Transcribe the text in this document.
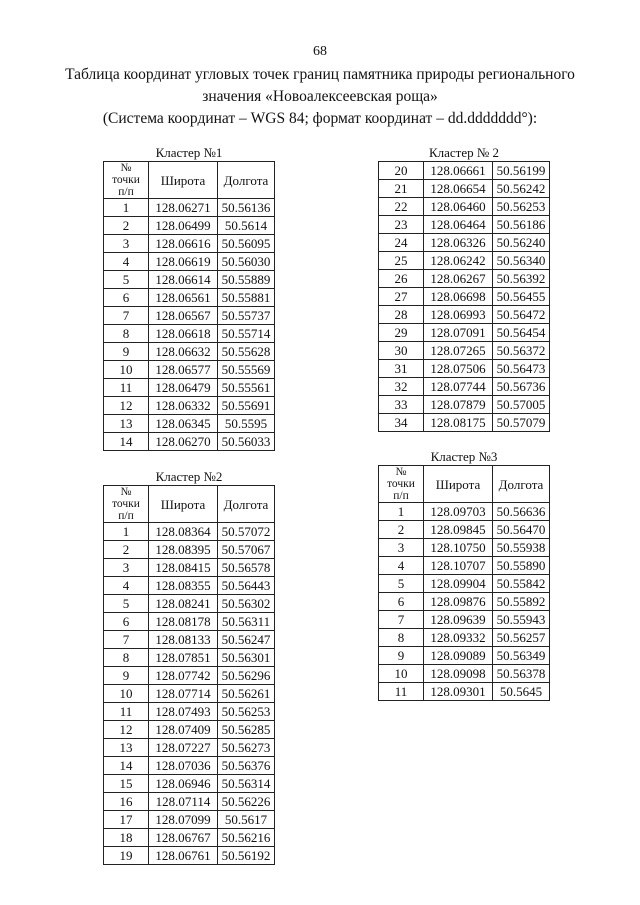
68
Таблица координат угловых точек границ памятника природы регионального
значения «Новоалексеевская роща»
(Система координат – WGS 84; формат координат – dd.ddddddd°):
Кластер №1
№
точки
п/п	Широта	Долгота
1	128.06271	50.56136
2	128.06499	50.5614
3	128.06616	50.56095
4	128.06619	50.56030
5	128.06614	50.55889
6	128.06561	50.55881
7	128.06567	50.55737
8	128.06618	50.55714
9	128.06632	50.55628
10	128.06577	50.55569
11	128.06479	50.55561
12	128.06332	50.55691
13	128.06345	50.5595
14	128.06270	50.56033
Кластер №2
№
точки
п/п	Широта	Долгота
1	128.08364	50.57072
2	128.08395	50.57067
3	128.08415	50.56578
4	128.08355	50.56443
5	128.08241	50.56302
6	128.08178	50.56311
7	128.08133	50.56247
8	128.07851	50.56301
9	128.07742	50.56296
10	128.07714	50.56261
11	128.07493	50.56253
12	128.07409	50.56285
13	128.07227	50.56273
14	128.07036	50.56376
15	128.06946	50.56314
16	128.07114	50.56226
17	128.07099	50.5617
18	128.06767	50.56216
19	128.06761	50.56192
Кластер № 2
20	128.06661	50.56199
21	128.06654	50.56242
22	128.06460	50.56253
23	128.06464	50.56186
24	128.06326	50.56240
25	128.06242	50.56340
26	128.06267	50.56392
27	128.06698	50.56455
28	128.06993	50.56472
29	128.07091	50.56454
30	128.07265	50.56372
31	128.07506	50.56473
32	128.07744	50.56736
33	128.07879	50.57005
34	128.08175	50.57079
Кластер №3
№
точки
п/п	Широта	Долгота
1	128.09703	50.56636
2	128.09845	50.56470
3	128.10750	50.55938
4	128.10707	50.55890
5	128.09904	50.55842
6	128.09876	50.55892
7	128.09639	50.55943
8	128.09332	50.56257
9	128.09089	50.56349
10	128.09098	50.56378
11	128.09301	50.5645
